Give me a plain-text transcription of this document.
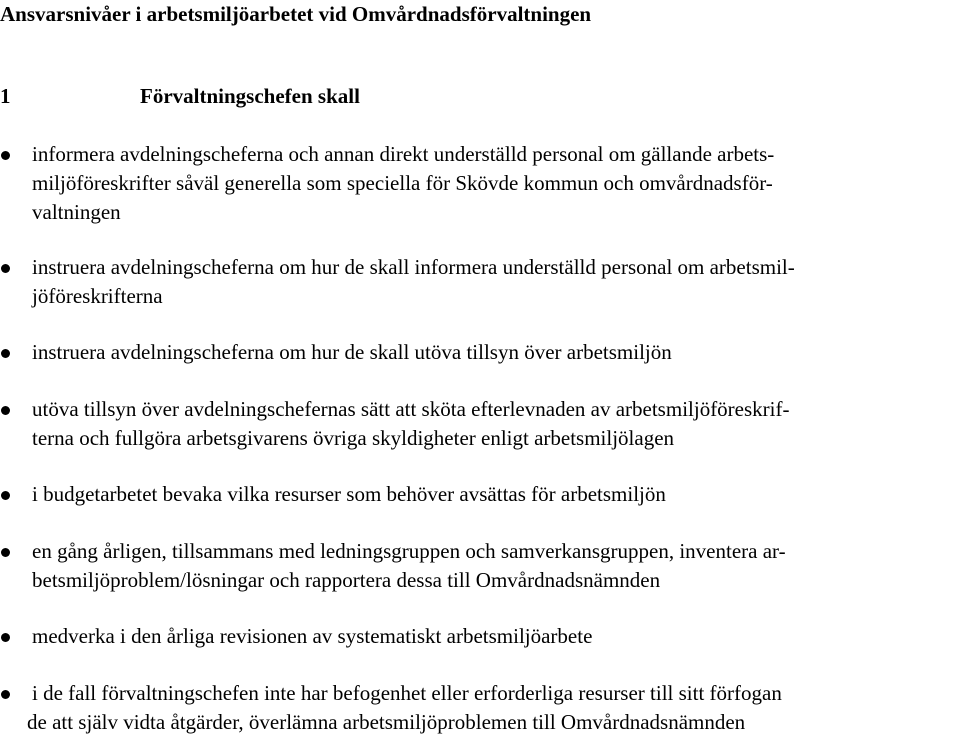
Ansvarsnivåer i arbetsmiljöarbetet vid Omvårdnadsförvaltningen
1	Förvaltningschefen skall
informera avdelningscheferna och annan direkt underställd personal om gällande arbets-
miljöföreskrifter såväl generella som speciella för Skövde kommun och omvårdnadsför-
valtningen
instruera avdelningscheferna om hur de skall informera underställd personal om arbetsmil-
jöföreskrifterna
instruera avdelningscheferna om hur de skall utöva tillsyn över arbetsmiljön
utöva tillsyn över avdelningschefernas sätt att sköta efterlevnaden av arbetsmiljöföreskrif-
terna och fullgöra arbetsgivarens övriga skyldigheter enligt arbetsmiljölagen
i budgetarbetet bevaka vilka resurser som behöver avsättas för arbetsmiljön
en gång årligen, tillsammans med ledningsgruppen och samverkansgruppen, inventera ar-
betsmiljöproblem/lösningar och rapportera dessa till Omvårdnadsnämnden
medverka i den årliga revisionen av systematiskt arbetsmiljöarbete
i de fall förvaltningschefen inte har befogenhet eller erforderliga resurser till sitt förfogan
de att själv vidta åtgärder, överlämna arbetsmiljöproblemen till Omvårdnadsnämnden
